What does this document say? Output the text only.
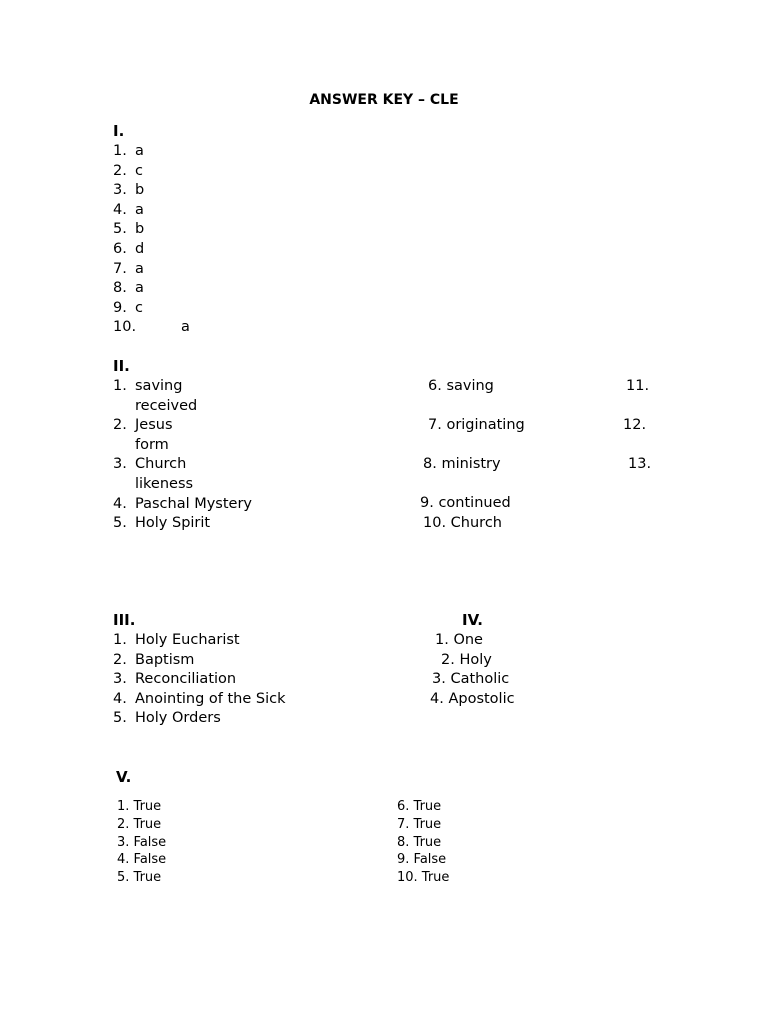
ANSWER KEY – CLE
I.
1. a
2. c
3. b
4. a
5. b
6. d
7. a
8. a
9. c
10.	a
II.
1. saving
received
2. Jesus
form
3. Church
likeness
4. Paschal Mystery
5. Holy Spirit
6. saving
7. originating
8. ministry
9. continued
10. Church
11.
12.
13.
III.
1. Holy Eucharist
2. Baptism
3. Reconciliation
4. Anointing of the Sick
5. Holy Orders
IV.
1. One
2. Holy
3. Catholic
4. Apostolic
V.
1. True
2. True
3. False
4. False
5. True
6. True
7. True
8. True
9. False
10. True
